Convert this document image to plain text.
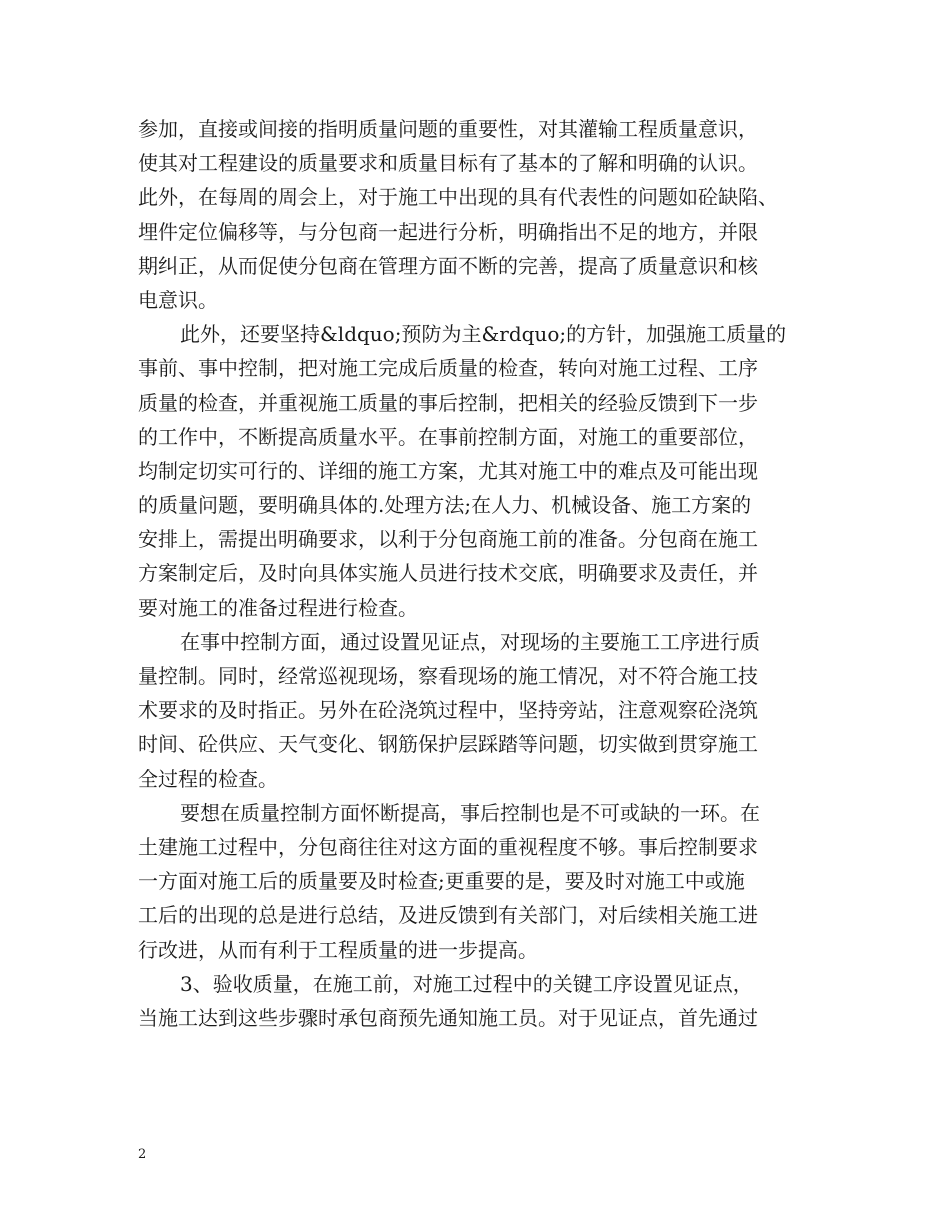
参加，直接或间接的指明质量问题的重要性，对其灌输工程质量意识，
使其对工程建设的质量要求和质量目标有了基本的了解和明确的认识。
此外，在每周的周会上，对于施工中出现的具有代表性的问题如砼缺陷、
埋件定位偏移等，与分包商一起进行分析，明确指出不足的地方，并限
期纠正，从而促使分包商在管理方面不断的完善，提高了质量意识和核
电意识。
此外，还要坚持&ldquo;预防为主&rdquo;的方针，加强施工质量的
事前、事中控制，把对施工完成后质量的检查，转向对施工过程、工序
质量的检查，并重视施工质量的事后控制，把相关的经验反馈到下一步
的工作中，不断提高质量水平。在事前控制方面，对施工的重要部位，
均制定切实可行的、详细的施工方案，尤其对施工中的难点及可能出现
的质量问题，要明确具体的.处理方法;在人力、机械设备、施工方案的
安排上，需提出明确要求，以利于分包商施工前的准备。分包商在施工
方案制定后，及时向具体实施人员进行技术交底，明确要求及责任，并
要对施工的准备过程进行检查。
在事中控制方面，通过设置见证点，对现场的主要施工工序进行质
量控制。同时，经常巡视现场，察看现场的施工情况，对不符合施工技
术要求的及时指正。另外在砼浇筑过程中，坚持旁站，注意观察砼浇筑
时间、砼供应、天气变化、钢筋保护层踩踏等问题，切实做到贯穿施工
全过程的检查。
要想在质量控制方面怀断提高，事后控制也是不可或缺的一环。在
土建施工过程中，分包商往往对这方面的重视程度不够。事后控制要求
一方面对施工后的质量要及时检查;更重要的是，要及时对施工中或施
工后的出现的总是进行总结，及进反馈到有关部门，对后续相关施工进
行改进，从而有利于工程质量的进一步提高。
3、验收质量，在施工前，对施工过程中的关键工序设置见证点，
当施工达到这些步骤时承包商预先通知施工员。对于见证点，首先通过
2
